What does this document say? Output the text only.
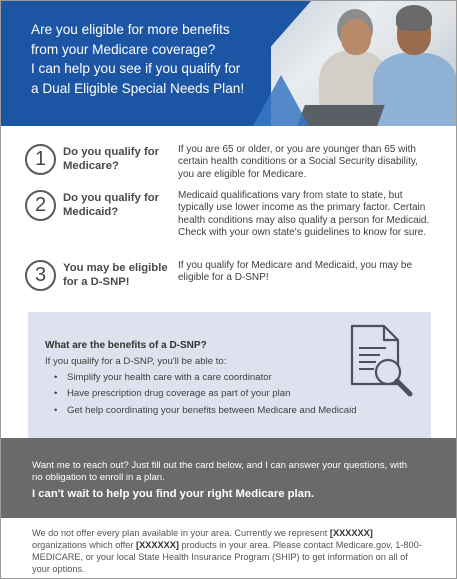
Are you eligible for more benefits
from your Medicare coverage?
I can help you see if you qualify for
a Dual Eligible Special Needs Plan!
1	Do you qualify for Medicare?
If you are 65 or older, or you are younger than 65 with certain health conditions or a Social Security disability, you are eligible for Medicare.
2	Do you qualify for Medicaid?
Medicaid qualifications vary from state to state, but typically use lower income as the primary factor. Certain health conditions may also qualify a person for Medicaid. Check with your own state's guidelines to know for sure.
3	You may be eligible for a D-SNP!
If you qualify for Medicare and Medicaid, you may be eligible for a D-SNP!
What are the benefits of a D-SNP?
If you qualify for a D-SNP, you'll be able to:
• Simplify your health care with a care coordinator
• Have prescription drug coverage as part of your plan
• Get help coordinating your benefits between Medicare and Medicaid
Want me to reach out? Just fill out the card below, and I can answer your questions, with no obligation to enroll in a plan.
I can't wait to help you find your right Medicare plan.
We do not offer every plan available in your area. Currently we represent [XXXXXX] organizations which offer [XXXXXX] products in your area. Please contact Medicare.gov, 1-800-MEDICARE, or your local State Health Insurance Program (SHIP) to get information on all of your options.
